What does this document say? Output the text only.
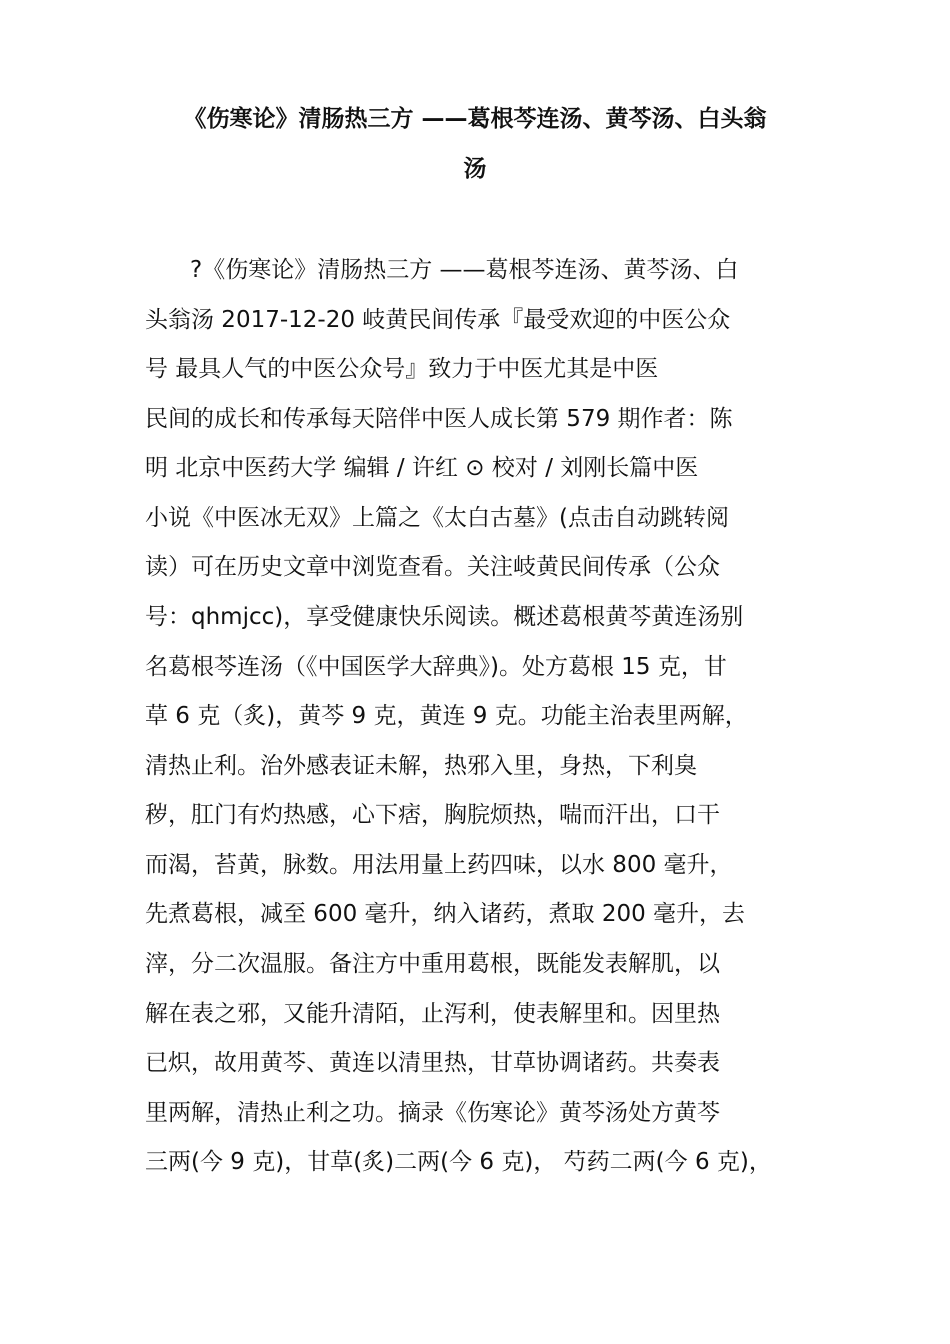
《伤寒论》清肠热三方 ——葛根芩连汤、黄芩汤、白头翁
汤

?《伤寒论》清肠热三方 ——葛根芩连汤、黄芩汤、白

头翁汤 2017-12-20 岐黄民间传承『最受欢迎的中医公众

号 最具人气的中医公众号』致力于中医尤其是中医

民间的成长和传承每天陪伴中医人成长第 579 期作者：陈

明 北京中医药大学 编辑 / 许红 ⊙ 校对 / 刘刚长篇中医

小说《中医冰无双》上篇之《太白古墓》(点击自动跳转阅

读）可在历史文章中浏览查看。关注岐黄民间传承（公众

号：qhmjcc)，享受健康快乐阅读。概述葛根黄芩黄连汤别

名葛根芩连汤（《中国医学大辞典》)。处方葛根 15 克，甘

草 6 克（炙)，黄芩 9 克，黄连 9 克。功能主治表里两解，

清热止利。治外感表证未解，热邪入里，身热，下利臭

秽，肛门有灼热感，心下痞，胸脘烦热，喘而汗出，口干

而渴，苔黄，脉数。用法用量上药四味，以水 800 毫升，

先煮葛根，减至 600 毫升，纳入诸药，煮取 200 毫升，去

滓，分二次温服。备注方中重用葛根，既能发表解肌，以

解在表之邪，又能升清陌，止泻利，使表解里和。因里热

已炽，故用黄芩、黄连以清里热，甘草协调诸药。共奏表

里两解，清热止利之功。摘录《伤寒论》黄芩汤处方黄芩

三两(今 9 克)，甘草(炙)二两(今 6 克)， 芍药二两(今 6 克)，
